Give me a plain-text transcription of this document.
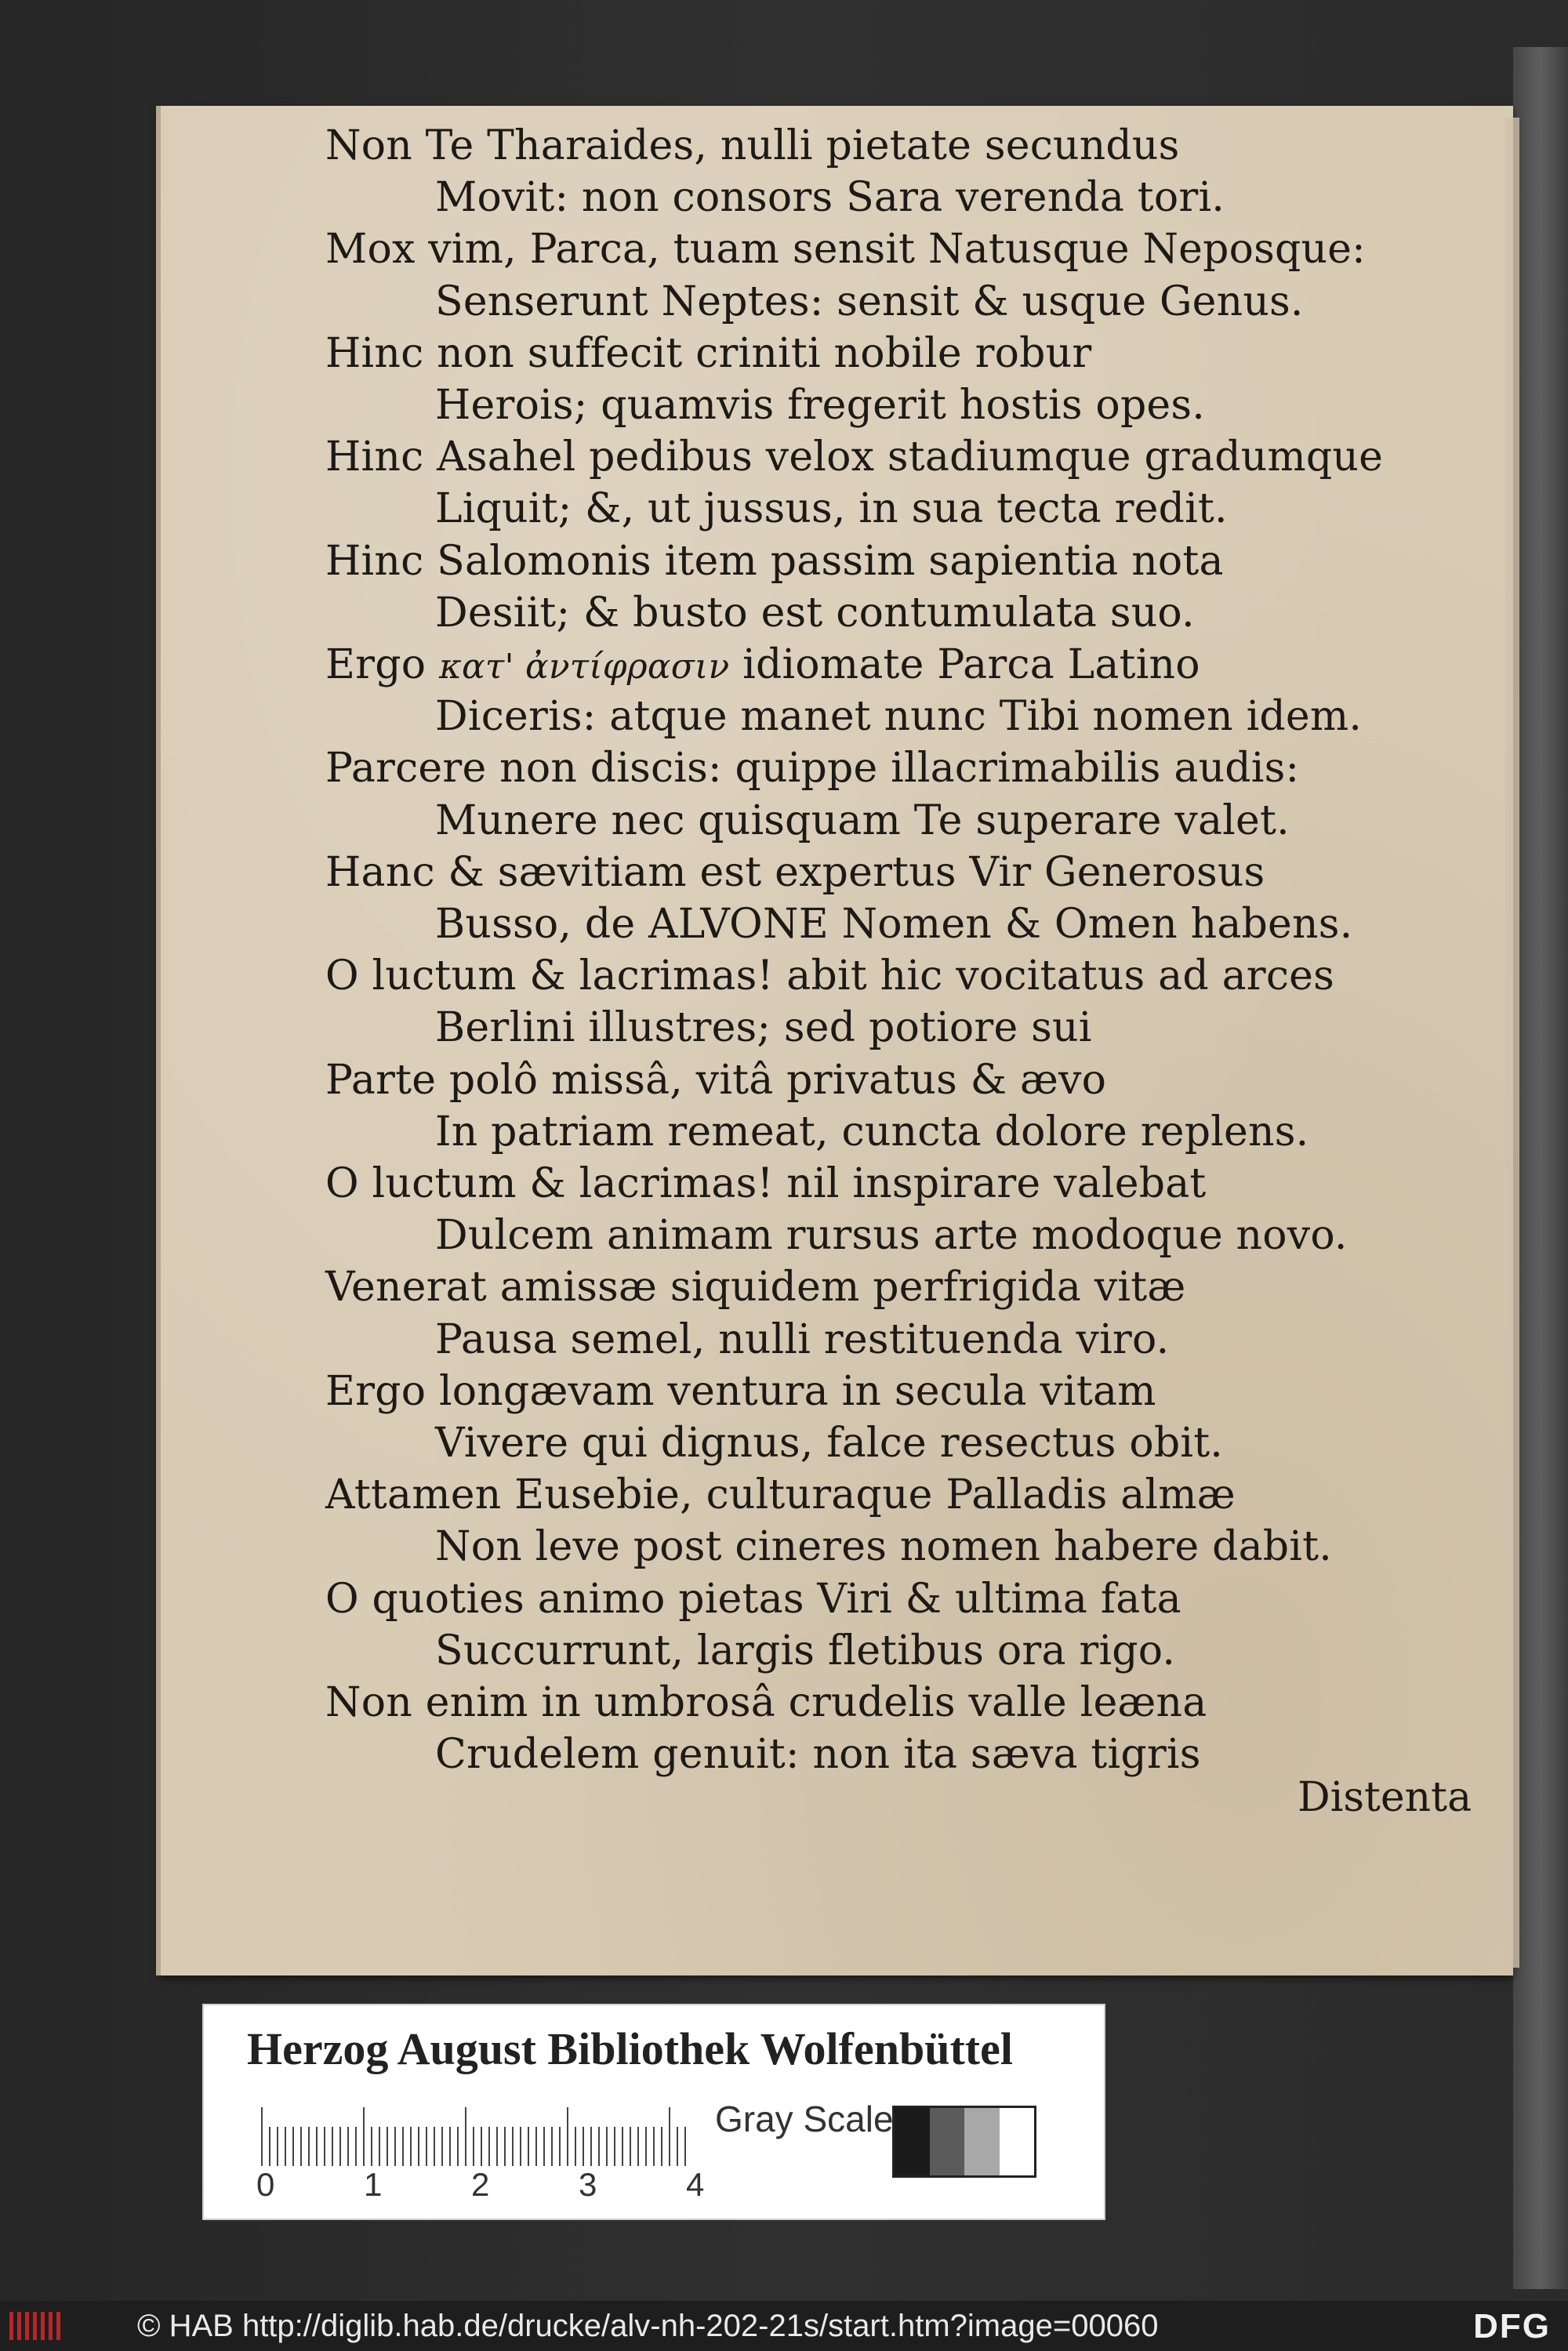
Non Te Tharaides, nulli pietate secundus
Movit: non consors Sara verenda tori.
Mox vim, Parca, tuam sensit Natusque Neposque:
Senserunt Neptes: sensit & usque Genus.
Hinc non suffecit criniti nobile robur
Herois; quamvis fregerit hostis opes.
Hinc Asahel pedibus velox stadiumque gradumque
Liquit; &, ut jussus, in sua tecta redit.
Hinc Salomonis item passim sapientia nota
Desiit; & busto est contumulata suo.
Ergo κατ' ἀντίφρασιν idiomate Parca Latino
Diceris: atque manet nunc Tibi nomen idem.
Parcere non discis: quippe illacrimabilis audis:
Munere nec quisquam Te superare valet.
Hanc & sævitiam est expertus Vir Generosus
Busso, de ALVONE Nomen & Omen habens.
O luctum & lacrimas! abit hic vocitatus ad arces
Berlini illustres; sed potiore sui
Parte polô missâ, vitâ privatus & ævo
In patriam remeat, cuncta dolore replens.
O luctum & lacrimas! nil inspirare valebat
Dulcem animam rursus arte modoque novo.
Venerat amissæ siquidem perfrigida vitæ
Pausa semel, nulli restituenda viro.
Ergo longævam ventura in secula vitam
Vivere qui dignus, falce resectus obit.
Attamen Eusebie, culturaque Palladis almæ
Non leve post cineres nomen habere dabit.
O quoties animo pietas Viri & ultima fata
Succurrunt, largis fletibus ora rigo.
Non enim in umbrosâ crudelis valle leæna
Crudelem genuit: non ita sæva tigris
Distenta
Herzog August Bibliothek Wolfenbüttel
0	1	2	3	4
Gray Scale
© HAB http://diglib.hab.de/drucke/alv-nh-202-21s/start.htm?image=00060	DFG
